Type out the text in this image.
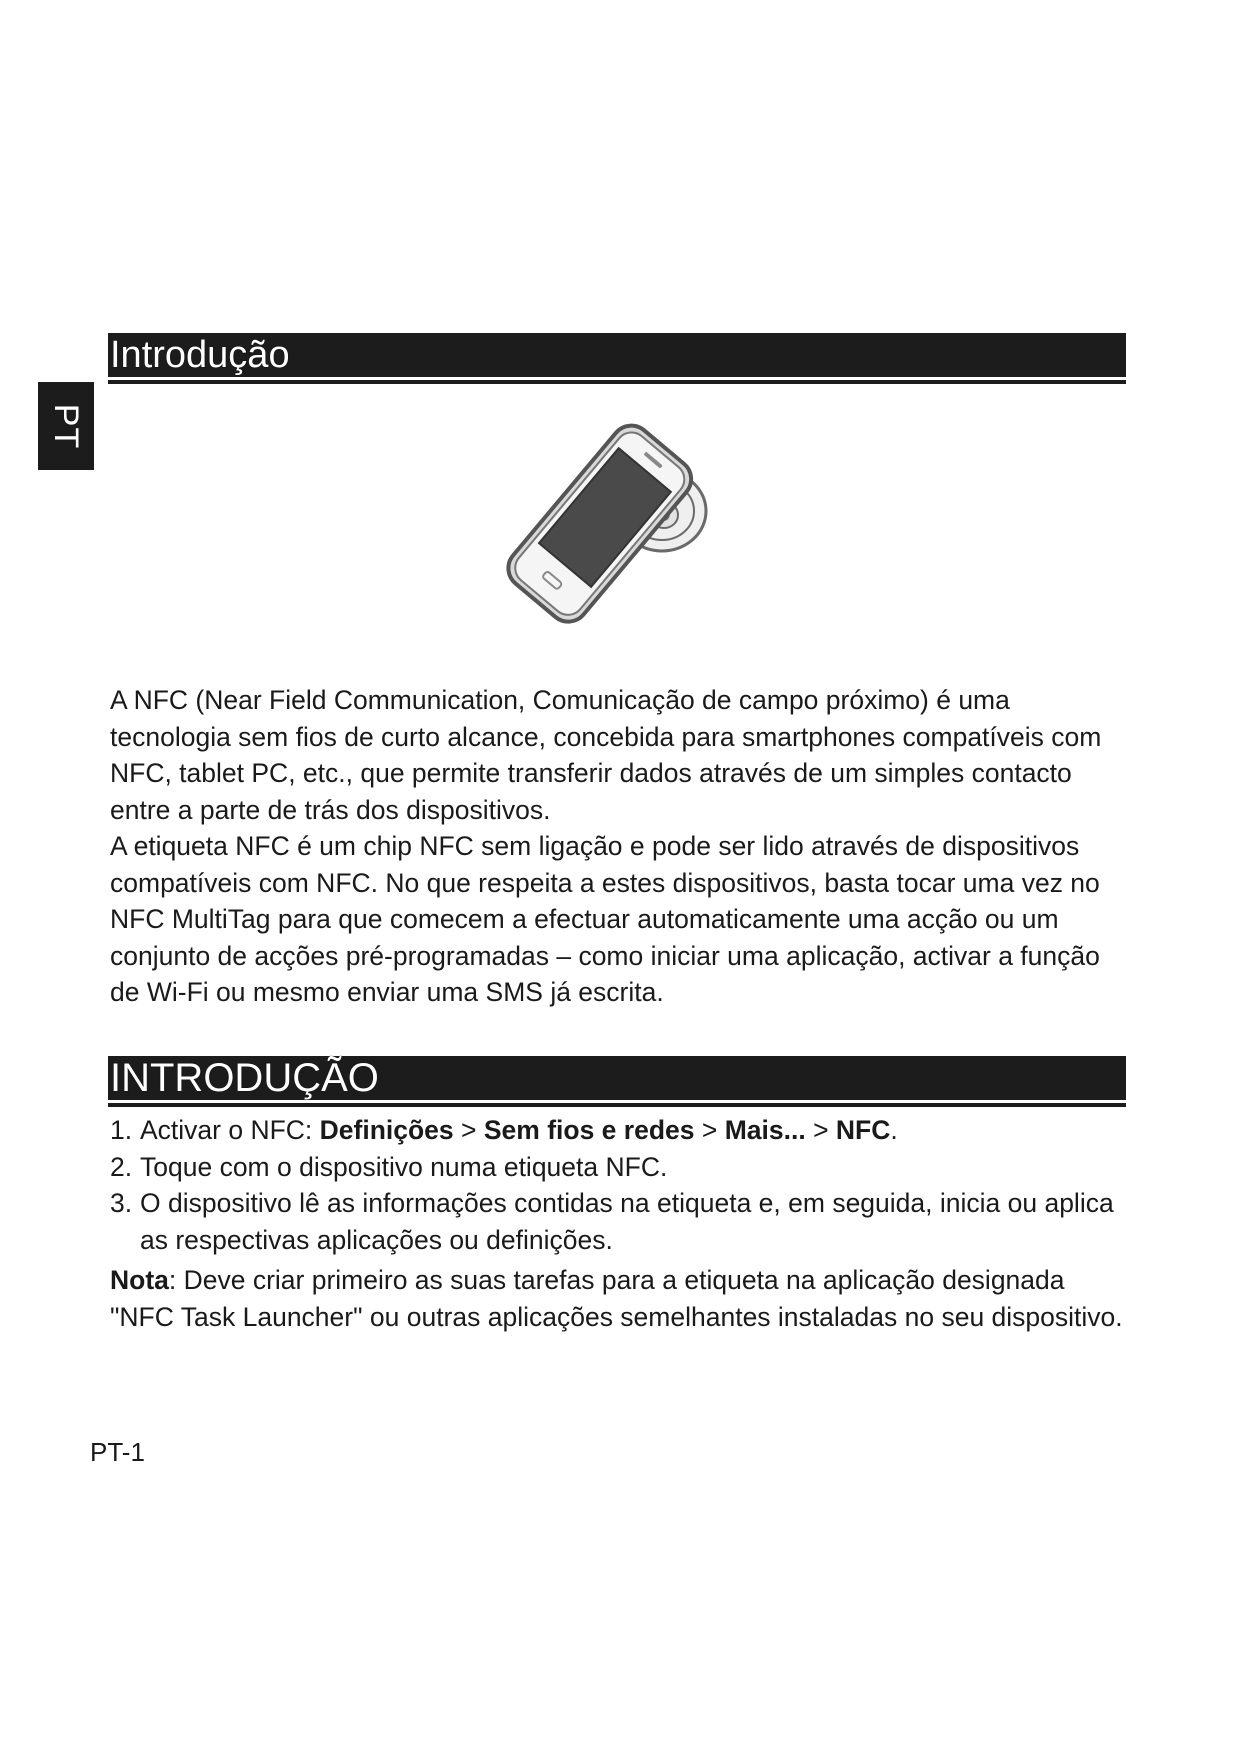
PT
Introdução

A NFC (Near Field Communication, Comunicação de campo próximo) é uma tecnologia sem fios de curto alcance, concebida para smartphones compatíveis com NFC, tablet PC, etc., que permite transferir dados através de um simples contacto entre a parte de trás dos dispositivos.

A etiqueta NFC é um chip NFC sem ligação e pode ser lido através de dispositivos compatíveis com NFC. No que respeita a estes dispositivos, basta tocar uma vez no NFC MultiTag para que comecem a efectuar automaticamente uma acção ou um conjunto de acções pré-programadas – como iniciar uma aplicação, activar a função de Wi-Fi ou mesmo enviar uma SMS já escrita.

INTRODUÇÃO
1. Activar o NFC: Definições > Sem fios e redes > Mais... > NFC.
2. Toque com o dispositivo numa etiqueta NFC.
3. O dispositivo lê as informações contidas na etiqueta e, em seguida, inicia ou aplica as respectivas aplicações ou definições.
Nota: Deve criar primeiro as suas tarefas para a etiqueta na aplicação designada "NFC Task Launcher" ou outras aplicações semelhantes instaladas no seu dispositivo.
PT-1
